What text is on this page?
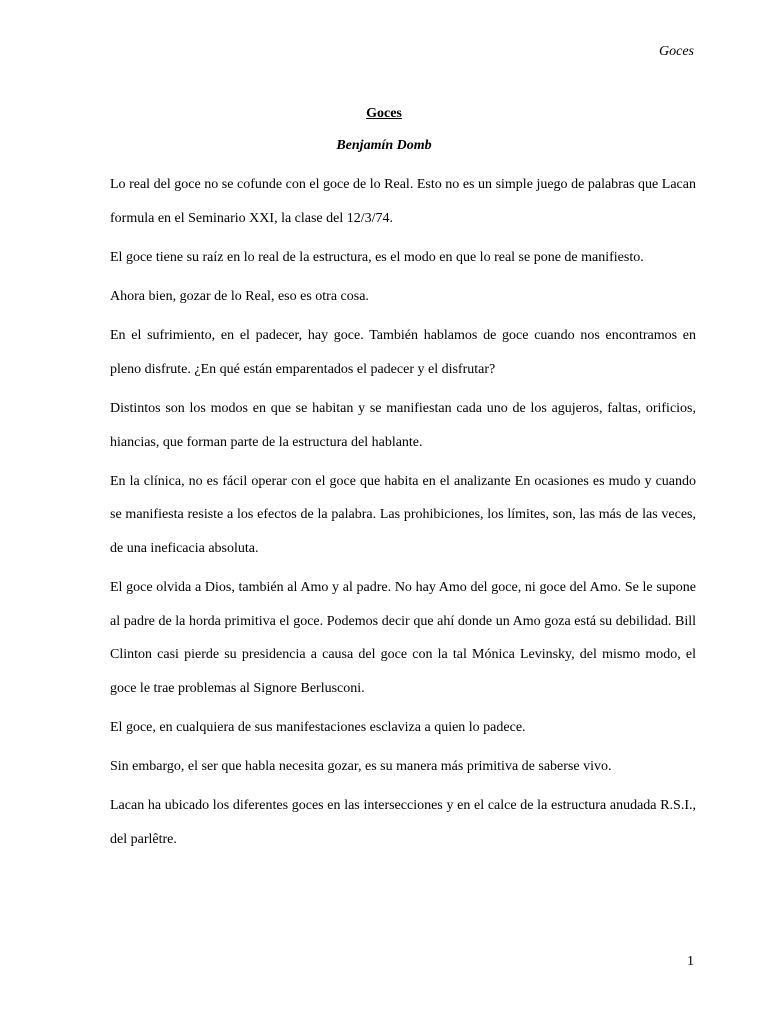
Goces
Goces
Benjamín Domb

Lo real del goce no se cofunde con el goce de lo Real. Esto no es un simple juego de palabras que Lacan formula en el Seminario XXI, la clase del 12/3/74.

El goce tiene su raíz en lo real de la estructura, es el modo en que lo real se pone de manifiesto.

Ahora bien, gozar de lo Real, eso es otra cosa.

En el sufrimiento, en el padecer, hay goce. También hablamos de goce cuando nos encontramos en pleno disfrute. ¿En qué están emparentados el padecer y el disfrutar?

Distintos son los modos en que se habitan y se manifiestan cada uno de los agujeros, faltas, orificios, hiancias, que forman parte de la estructura del hablante.

En la clínica, no es fácil operar con el goce que habita en el analizante En ocasiones es mudo y cuando se manifiesta resiste a los efectos de la palabra. Las prohibiciones, los límites, son, las más de las veces, de una ineficacia absoluta.

El goce olvida a Dios, también al Amo y al padre. No hay Amo del goce, ni goce del Amo. Se le supone al padre de la horda primitiva el goce. Podemos decir que ahí donde un Amo goza está su debilidad. Bill Clinton casi pierde su presidencia a causa del goce con la tal Mónica Levinsky, del mismo modo, el goce le trae problemas al Signore Berlusconi.

El goce, en cualquiera de sus manifestaciones esclaviza a quien lo padece.

Sin embargo, el ser que habla necesita gozar, es su manera más primitiva de saberse vivo.

Lacan ha ubicado los diferentes goces en las intersecciones y en el calce de la estructura anudada R.S.I., del parlêtre.

1
